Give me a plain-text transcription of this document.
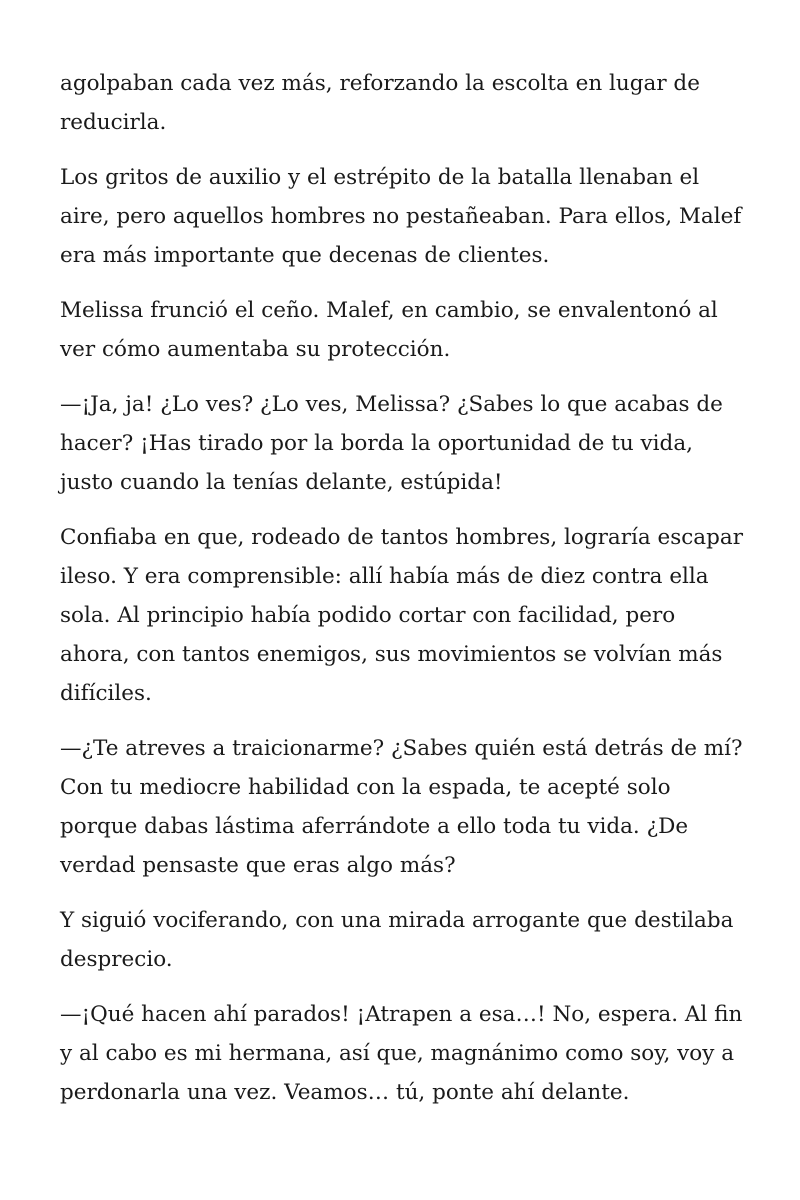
agolpaban cada vez más, reforzando la escolta en lugar de reducirla.

Los gritos de auxilio y el estrépito de la batalla llenaban el aire, pero aquellos hombres no pestañeaban. Para ellos, Malef era más importante que decenas de clientes.

Melissa frunció el ceño. Malef, en cambio, se envalentonó al ver cómo aumentaba su protección.

—¡Ja, ja! ¿Lo ves? ¿Lo ves, Melissa? ¿Sabes lo que acabas de hacer? ¡Has tirado por la borda la oportunidad de tu vida, justo cuando la tenías delante, estúpida!

Confiaba en que, rodeado de tantos hombres, lograría escapar ileso. Y era comprensible: allí había más de diez contra ella sola. Al principio había podido cortar con facilidad, pero ahora, con tantos enemigos, sus movimientos se volvían más difíciles.

—¿Te atreves a traicionarme? ¿Sabes quién está detrás de mí? Con tu mediocre habilidad con la espada, te acepté solo porque dabas lástima aferrándote a ello toda tu vida. ¿De verdad pensaste que eras algo más?

Y siguió vociferando, con una mirada arrogante que destilaba desprecio.

—¡Qué hacen ahí parados! ¡Atrapen a esa…! No, espera. Al fin y al cabo es mi hermana, así que, magnánimo como soy, voy a perdonarla una vez. Veamos… tú, ponte ahí delante.
